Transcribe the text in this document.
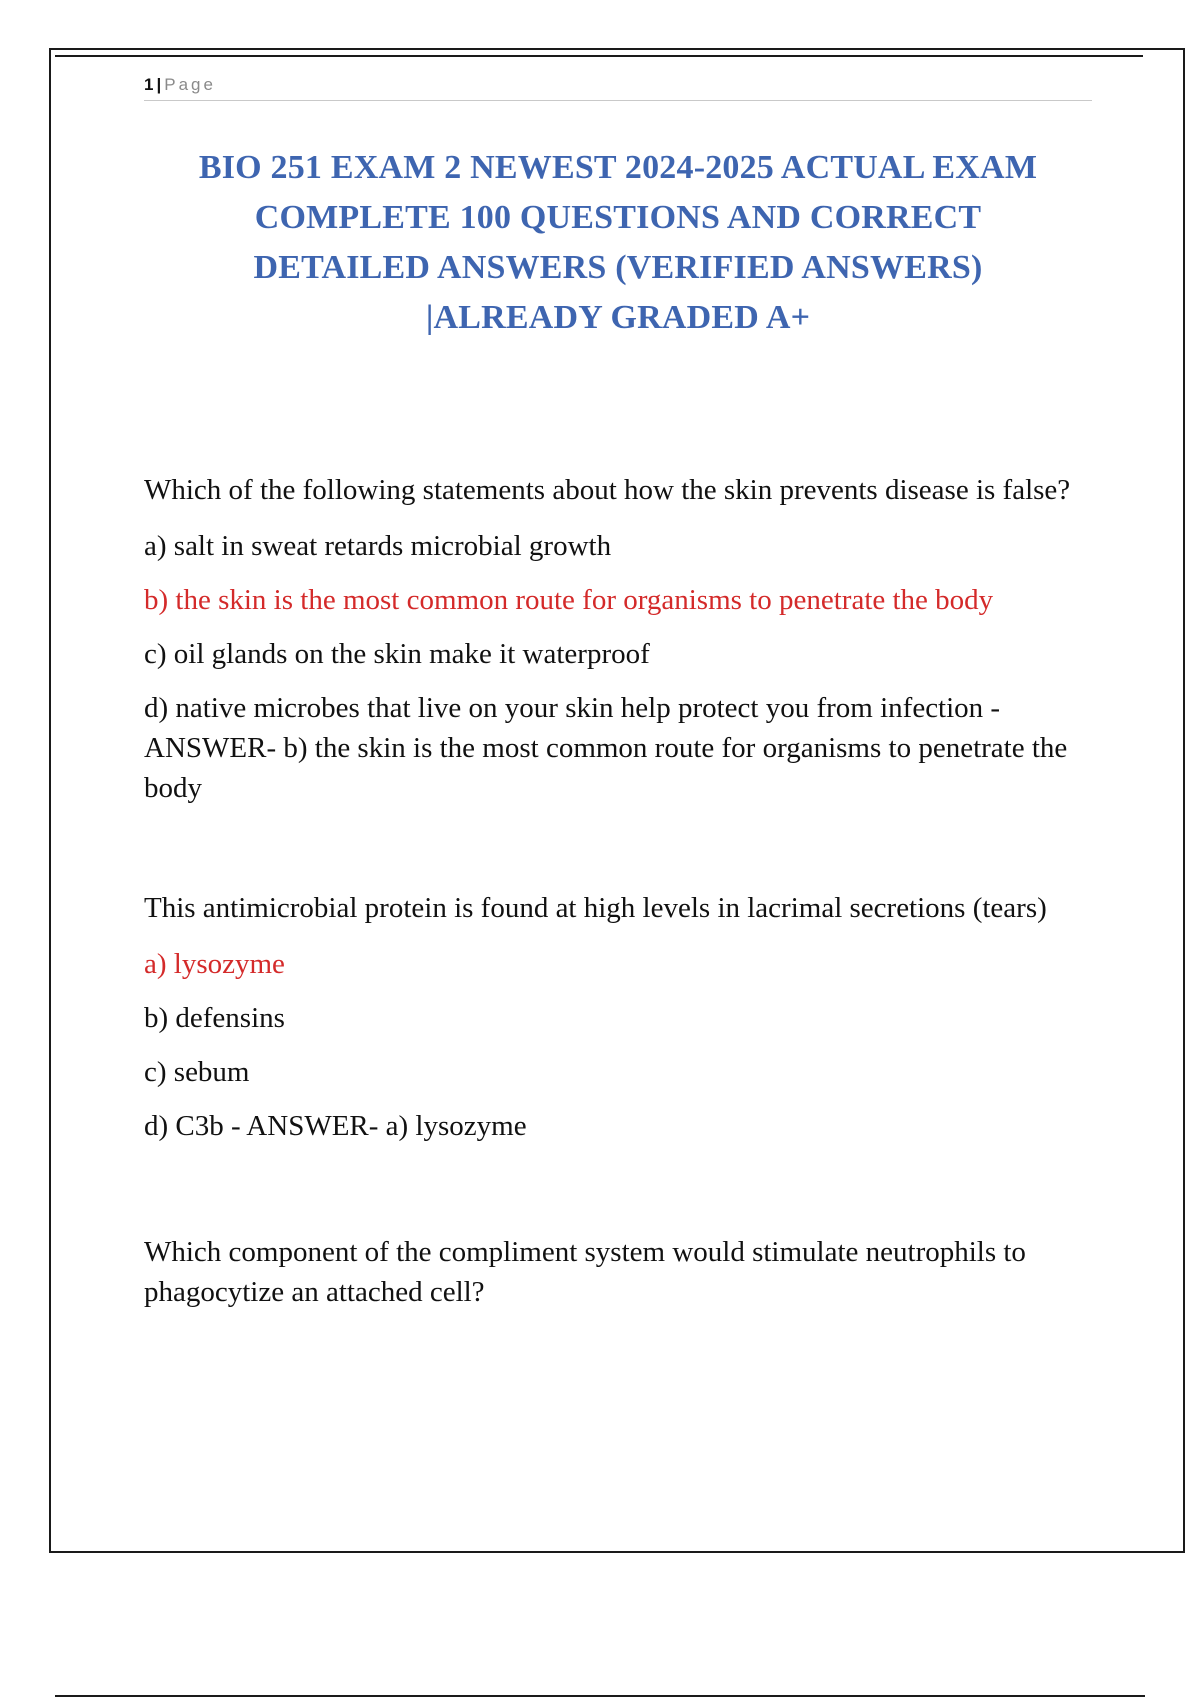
1 | Page
BIO 251 EXAM 2 NEWEST 2024-2025 ACTUAL EXAM
COMPLETE 100 QUESTIONS AND CORRECT
DETAILED ANSWERS (VERIFIED ANSWERS)
|ALREADY GRADED A+

Which of the following statements about how the skin prevents disease is false?

a) salt in sweat retards microbial growth

b) the skin is the most common route for organisms to penetrate the body

c) oil glands on the skin make it waterproof

d) native microbes that live on your skin help protect you from infection - ANSWER- b) the skin is the most common route for organisms to penetrate the body

This antimicrobial protein is found at high levels in lacrimal secretions (tears)

a) lysozyme

b) defensins

c) sebum

d) C3b - ANSWER- a) lysozyme

Which component of the compliment system would stimulate neutrophils to phagocytize an attached cell?
